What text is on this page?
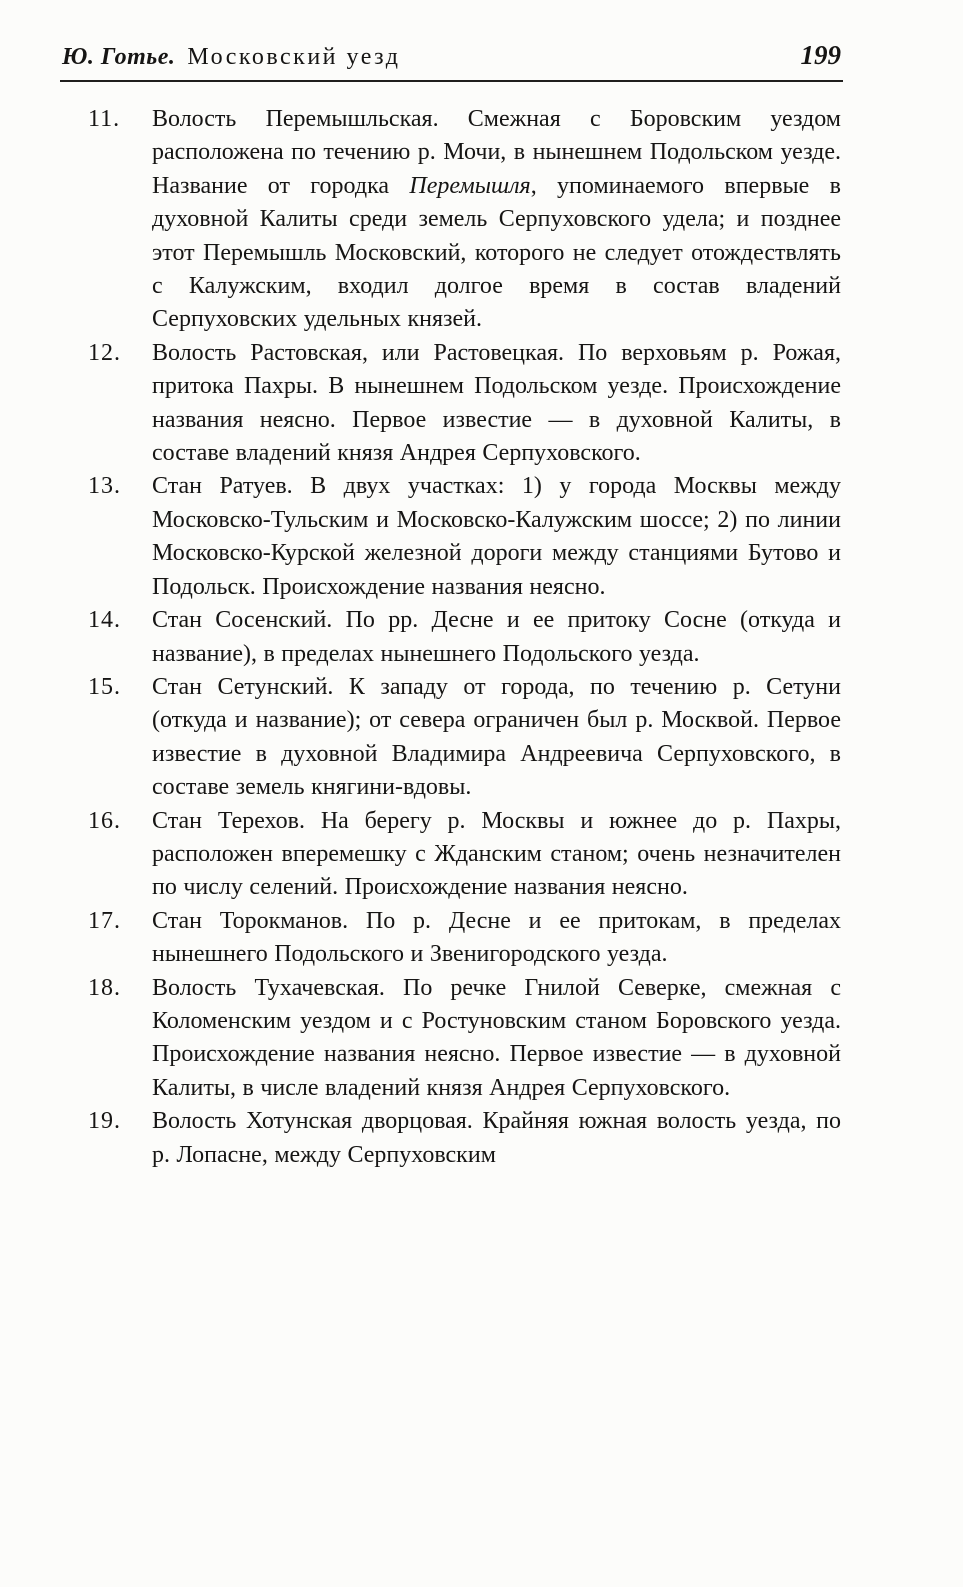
Ю. Готье. Московский уезд	199
11.	Волость Перемышльская. Смежная с Боровским уездом расположена по течению р. Мочи, в нынешнем Подольском уезде. Название от городка Перемышля, упоминаемого впервые в духовной Калиты среди земель Серпуховского удела; и позднее этот Перемышль Московский, которого не следует отождествлять с Калужским, входил долгое время в состав владений Серпуховских удельных князей.

12.	Волость Растовская, или Растовецкая. По верховьям р. Рожая, притока Пахры. В нынешнем Подольском уезде. Происхождение названия неясно. Первое известие — в духовной Калиты, в составе владений князя Андрея Серпуховского.

13.	Стан Ратуев. В двух участках: 1) у города Москвы между Московско-Тульским и Московско-Калужским шоссе; 2) по линии Московско-Курской железной дороги между станциями Бутово и Подольск. Происхождение названия неясно.

14.	Стан Сосенский. По рр. Десне и ее притоку Сосне (откуда и название), в пределах нынешнего Подольского уезда.

15.	Стан Сетунский. К западу от города, по течению р. Сетуни (откуда и название); от севера ограничен был р. Москвой. Первое известие в духовной Владимира Андреевича Серпуховского, в составе земель княгини-вдовы.

16.	Стан Терехов. На берегу р. Москвы и южнее до р. Пахры, расположен вперемешку с Жданским станом; очень незначителен по числу селений. Происхождение названия неясно.

17.	Стан Торокманов. По р. Десне и ее притокам, в пределах нынешнего Подольского и Звенигородского уезда.

18.	Волость Тухачевская. По речке Гнилой Северке, смежная с Коломенским уездом и с Ростуновским станом Боровского уезда. Происхождение названия неясно. Первое известие — в духовной Калиты, в числе владений князя Андрея Серпуховского.

19.	Волость Хотунская дворцовая. Крайняя южная волость уезда, по р. Лопасне, между Серпуховским
